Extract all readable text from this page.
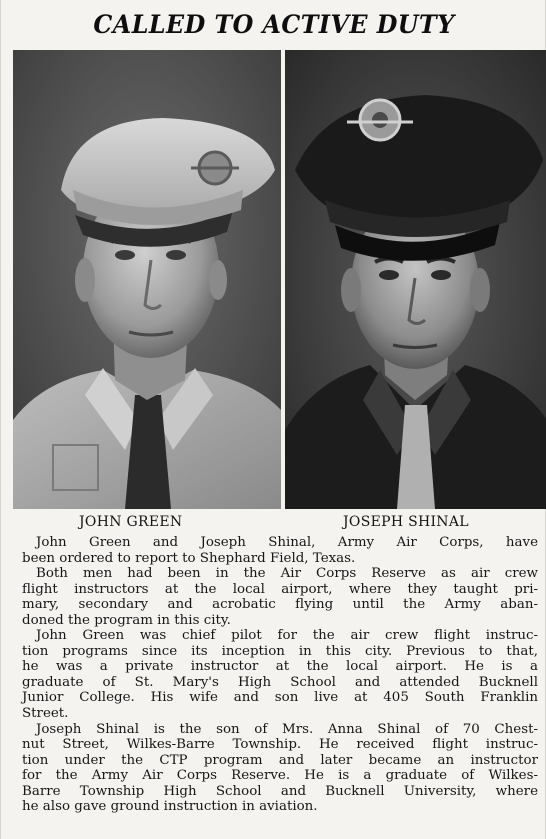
CALLED TO ACTIVE DUTY
JOHN GREEN	JOSEPH SHINAL
John Green and Joseph Shinal, Army Air Corps, have
been ordered to report to Shephard Field, Texas.
Both men had been in the Air Corps Reserve as air crew
flight instructors at the local airport, where they taught pri-
mary, secondary and acrobatic flying until the Army aban-
doned the program in this city.
John Green was chief pilot for the air crew flight instruc-
tion programs since its inception in this city. Previous to that,
he was a private instructor at the local airport. He is a
graduate of St. Mary's High School and attended Bucknell
Junior College. His wife and son live at 405 South Franklin
Street.
Joseph Shinal is the son of Mrs. Anna Shinal of 70 Chest-
nut Street, Wilkes-Barre Township. He received flight instruc-
tion under the CTP program and later became an instructor
for the Army Air Corps Reserve. He is a graduate of Wilkes-
Barre Township High School and Bucknell University, where
he also gave ground instruction in aviation.
